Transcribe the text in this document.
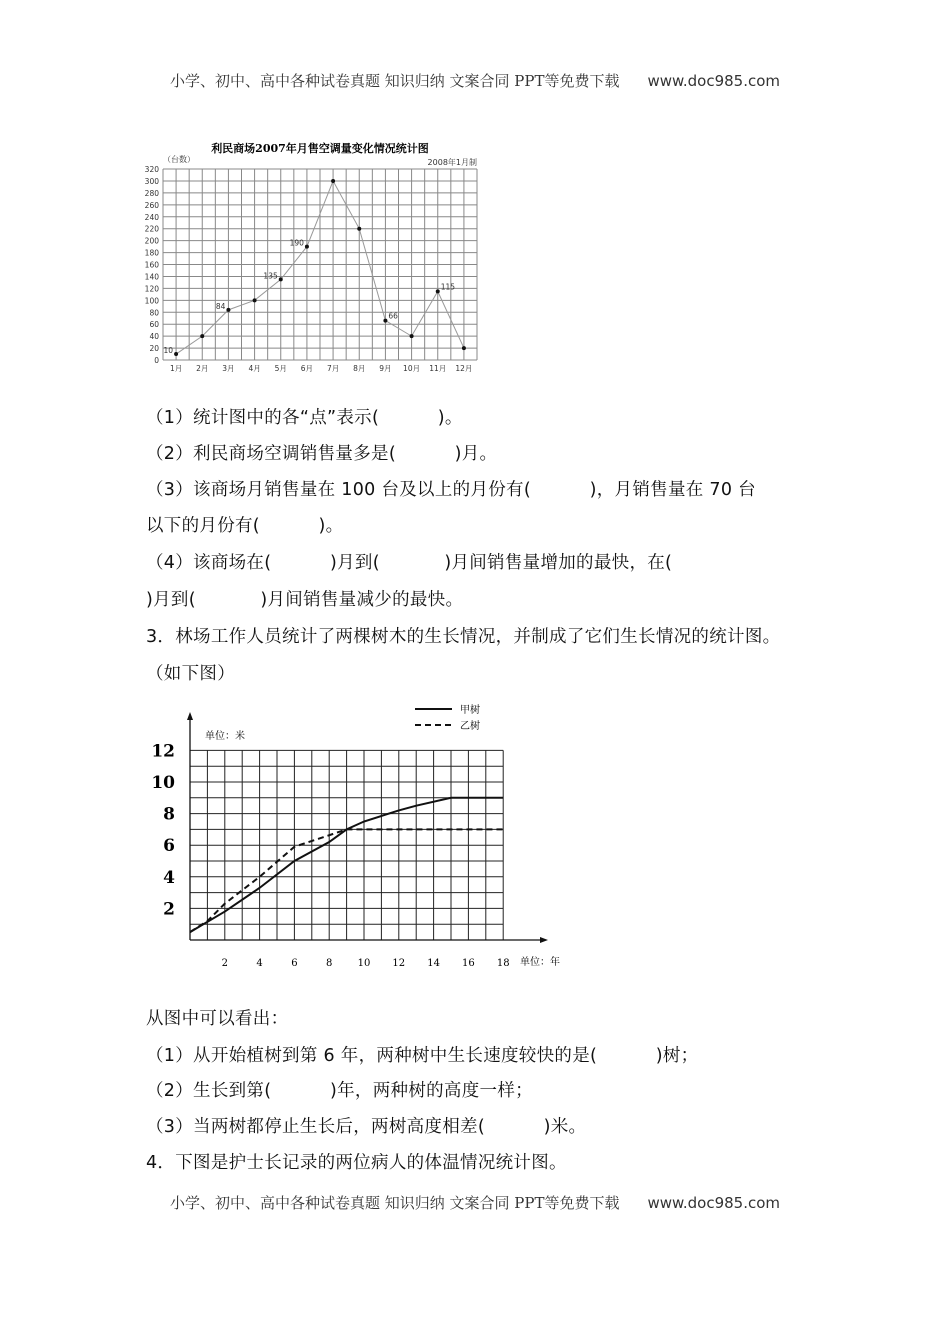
小学、初中、高中各种试卷真题 知识归纳 文案合同 PPT等免费下载 www.doc985.com
利民商场2007年月售空调量变化情况统计图
（台数）	2008年1月制
0
20
40
60
80
100
120
140
160
180
200
220
240
260
280
300
320
1月 2月 3月 4月 5月 6月 7月 8月 9月 10月 11月 12月
10
84
135
190
66
115
（1）统计图中的各“点”表示(          )。
（2）利民商场空调销售量多是(          )月。
（3）该商场月销售量在 100 台及以上的月份有(          )，月销售量在 70 台
以下的月份有(          )。
（4）该商场在(          )月到(           )月间销售量增加的最快，在(
)月到(           )月间销售量减少的最快。
3．林场工作人员统计了两棵树木的生长情况，并制成了它们生长情况的统计图。
（如下图）
2
4
6
8
10
12
2	4	6	8	10 12 14 16 18
单位：米
单位：年
甲树
乙树
从图中可以看出：
（1）从开始植树到第 6 年，两种树中生长速度较快的是(          )树；
（2）生长到第(          )年，两种树的高度一样；
（3）当两树都停止生长后，两树高度相差(          )米。
4．下图是护士长记录的两位病人的体温情况统计图。
小学、初中、高中各种试卷真题 知识归纳 文案合同 PPT等免费下载 www.doc985.com
